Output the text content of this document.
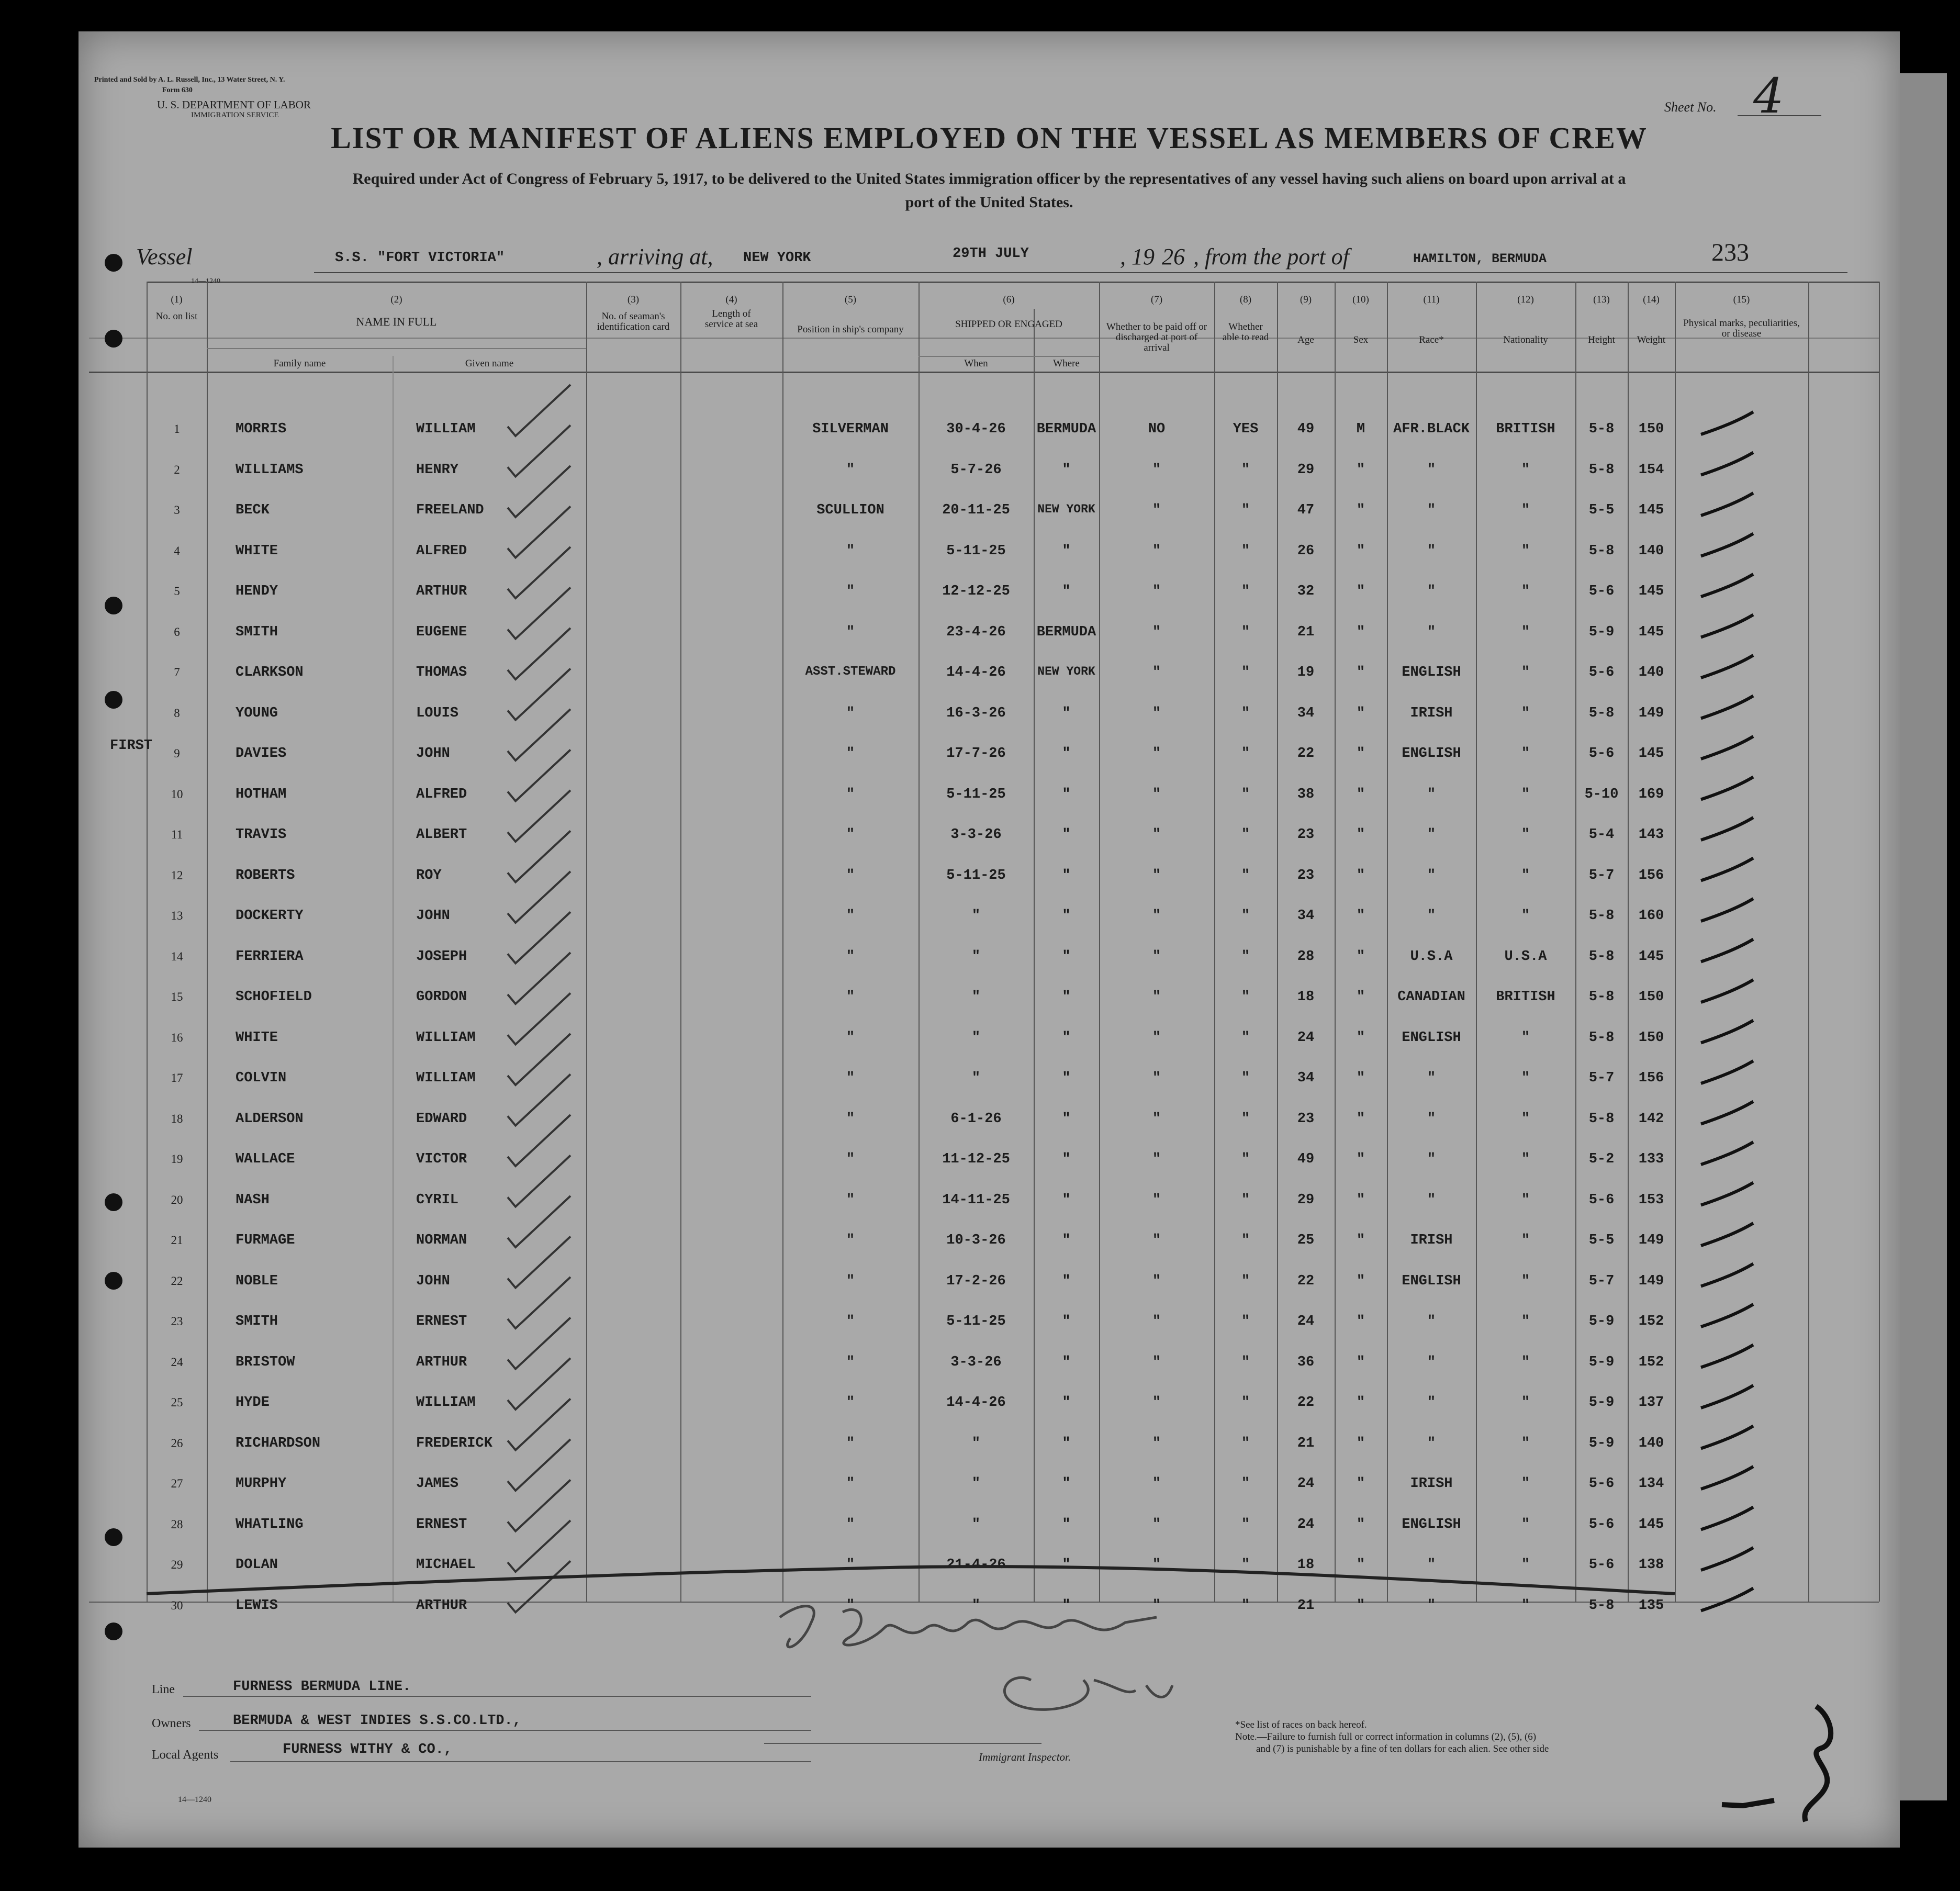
Printed and Sold by A. L. Russell, Inc., 13 Water Street, N. Y.
Form 630
U. S. DEPARTMENT OF LABOR
IMMIGRATION SERVICE
Sheet No. 4
LIST OR MANIFEST OF ALIENS EMPLOYED ON THE VESSEL AS MEMBERS OF CREW
Required under Act of Congress of February 5, 1917, to be delivered to the United States immigration officer by the representatives of any vessel having such aliens on board upon arrival at a
port of the United States.
Vessel	S.S. "FORT VICTORIA"	, arriving at, NEW YORK	29TH JULY	, 19 26 , from the port of	HAMILTON, BERMUDA	233
(1)
No. on list
(2)
NAME IN FULL
Family name	Given name
(3)
No. of seaman's identification card
(4)
Length of service at sea
(5)
Position in ship's company
(6)
SHIPPED OR ENGAGED
When	Where
(7)
Whether to be paid off or discharged at port of arrival
(8)
Whether able to read
(9)
Age
(10)
Sex
(11)
Race*
(12)
Nationality
(13)
Height
(14)
Weight
(15)
Physical marks, peculiarities, or disease
FIRST
1	MORRIS	WILLIAM	SILVERMAN	30-4-26	BERMUDA	NO	YES	49	M	AFR.BLACK	BRITISH	5-8	150
2	WILLIAMS	HENRY	"	5-7-26	"	"	"	29	"	"	"	5-8	154
3	BECK	FREELAND	SCULLION	20-11-25	NEW YORK	"	"	47	"	"	"	5-5	145
4	WHITE	ALFRED	"	5-11-25	"	"	"	26	"	"	"	5-8	140
5	HENDY	ARTHUR	"	12-12-25	"	"	"	32	"	"	"	5-6	145
6	SMITH	EUGENE	"	23-4-26	BERMUDA	"	"	21	"	"	"	5-9	145
7	CLARKSON	THOMAS	ASST.STEWARD	14-4-26	NEW YORK	"	"	19	"	ENGLISH	"	5-6	140
8	YOUNG	LOUIS	"	16-3-26	"	"	"	34	"	IRISH	"	5-8	149
9	DAVIES	JOHN	"	17-7-26	"	"	"	22	"	ENGLISH	"	5-6	145
10	HOTHAM	ALFRED	"	5-11-25	"	"	"	38	"	"	"	5-10	169
11	TRAVIS	ALBERT	"	3-3-26	"	"	"	23	"	"	"	5-4	143
12	ROBERTS	ROY	"	5-11-25	"	"	"	23	"	"	"	5-7	156
13	DOCKERTY	JOHN	"	"	"	"	"	34	"	"	"	5-8	160
14	FERRIERA	JOSEPH	"	"	"	"	"	28	"	U.S.A	U.S.A	5-8	145
15	SCHOFIELD	GORDON	"	"	"	"	"	18	"	CANADIAN	BRITISH	5-8	150
16	WHITE	WILLIAM	"	"	"	"	"	24	"	ENGLISH	"	5-8	150
17	COLVIN	WILLIAM	"	"	"	"	"	34	"	"	"	5-7	156
18	ALDERSON	EDWARD	"	6-1-26	"	"	"	23	"	"	"	5-8	142
19	WALLACE	VICTOR	"	11-12-25	"	"	"	49	"	"	"	5-2	133
20	NASH	CYRIL	"	14-11-25	"	"	"	29	"	"	"	5-6	153
21	FURMAGE	NORMAN	"	10-3-26	"	"	"	25	"	IRISH	"	5-5	149
22	NOBLE	JOHN	"	17-2-26	"	"	"	22	"	ENGLISH	"	5-7	149
23	SMITH	ERNEST	"	5-11-25	"	"	"	24	"	"	"	5-9	152
24	BRISTOW	ARTHUR	"	3-3-26	"	"	"	36	"	"	"	5-9	152
25	HYDE	WILLIAM	"	14-4-26	"	"	"	22	"	"	"	5-9	137
26	RICHARDSON	FREDERICK	"	"	"	"	"	21	"	"	"	5-9	140
27	MURPHY	JAMES	"	"	"	"	"	24	"	IRISH	"	5-6	134
28	WHATLING	ERNEST	"	"	"	"	"	24	"	ENGLISH	"	5-6	145
29	DOLAN	MICHAEL	"	21-4-26	"	"	"	18	"	"	"	5-6	138
30	LEWIS	ARTHUR	"	"	"	"	"	21	"	"	"	5-8	135
Line	FURNESS BERMUDA LINE.
Owners	BERMUDA & WEST INDIES S.S.CO.LTD.,
Local Agents	FURNESS WITHY & CO.,
14—1240
Immigrant Inspector.
*See list of races on back hereof.
Note.—Failure to furnish full or correct information in columns (2), (5), (6)
and (7) is punishable by a fine of ten dollars for each alien. See other side
